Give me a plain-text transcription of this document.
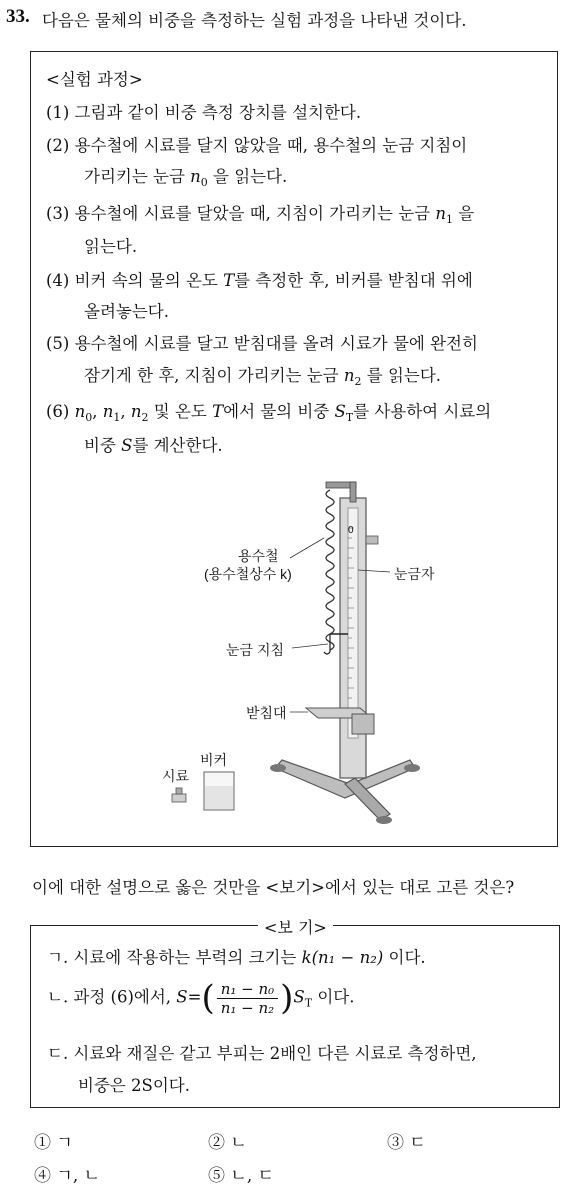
33. 다음은 물체의 비중을 측정하는 실험 과정을 나타낸 것이다.
<실험 과정>
(1) 그림과 같이 비중 측정 장치를 설치한다.
(2) 용수철에 시료를 달지 않았을 때, 용수철의 눈금 지침이
가리키는 눈금 $n_0$ 을 읽는다.
(3) 용수철에 시료를 달았을 때, 지침이 가리키는 눈금 $n_1$ 을
읽는다.
(4) 비커 속의 물의 온도 T를 측정한 후, 비커를 받침대 위에
올려놓는다.
(5) 용수철에 시료를 달고 받침대를 올려 시료가 물에 완전히
잠기게 한 후, 지침이 가리키는 눈금 $n_2$ 를 읽는다.
(6) $n_0$, $n_1$, $n_2$ 및 온도 T에서 물의 비중 $S_T$를 사용하여 시료의
비중 S를 계산한다.
0
용수철
(용수철상수 k)	눈금자
눈금 지침
받침대
비커
시료
이에 대한 설명으로 옳은 것만을 <보기>에서 있는 대로 고른 것은?
<보 기>
ㄱ. 시료에 작용하는 부력의 크기는 k(n₁ − n₂) 이다.
ㄴ. 과정 (6)에서, $S=( \frac{\text{n₁ − n₀}}{\text{n₁ − n₂}} )S_T$ 이다.
ㄷ. 시료와 재질은 같고 부피는 2배인 다른 시료로 측정하면,
비중은 2S이다.
① ㄱ	② ㄴ	③ ㄷ
④ ㄱ, ㄴ	⑤ ㄴ, ㄷ
